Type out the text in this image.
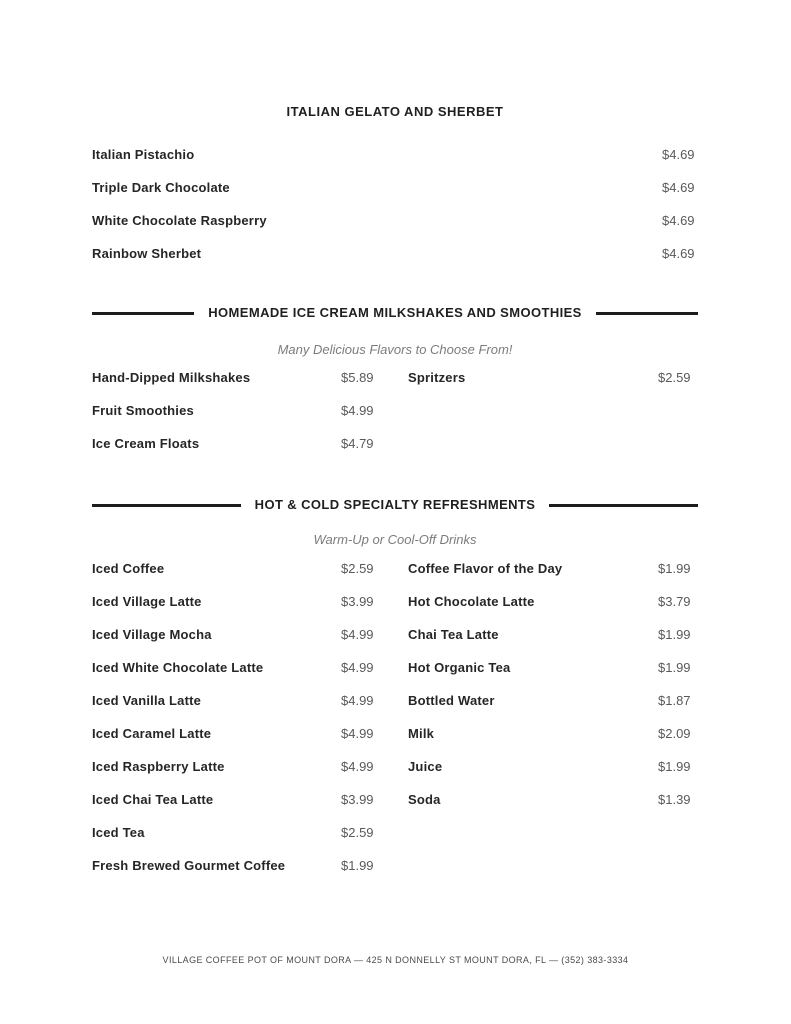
ITALIAN GELATO AND SHERBET
Italian Pistachio	$4.69
Triple Dark Chocolate	$4.69
White Chocolate Raspberry	$4.69
Rainbow Sherbet	$4.69
HOMEMADE ICE CREAM MILKSHAKES AND SMOOTHIES
Many Delicious Flavors to Choose From!
Hand-Dipped Milkshakes	$5.89	Spritzers	$2.59
Fruit Smoothies	$4.99
Ice Cream Floats	$4.79
HOT & COLD SPECIALTY REFRESHMENTS
Warm-Up or Cool-Off Drinks
Iced Coffee	$2.59	Coffee Flavor of the Day	$1.99
Iced Village Latte	$3.99	Hot Chocolate Latte	$3.79
Iced Village Mocha	$4.99	Chai Tea Latte	$1.99
Iced White Chocolate Latte	$4.99	Hot Organic Tea	$1.99
Iced Vanilla Latte	$4.99	Bottled Water	$1.87
Iced Caramel Latte	$4.99	Milk	$2.09
Iced Raspberry Latte	$4.99	Juice	$1.99
Iced Chai Tea Latte	$3.99	Soda	$1.39
Iced Tea	$2.59
Fresh Brewed Gourmet Coffee	$1.99
VILLAGE COFFEE POT OF MOUNT DORA — 425 N DONNELLY ST MOUNT DORA, FL — (352) 383-3334
